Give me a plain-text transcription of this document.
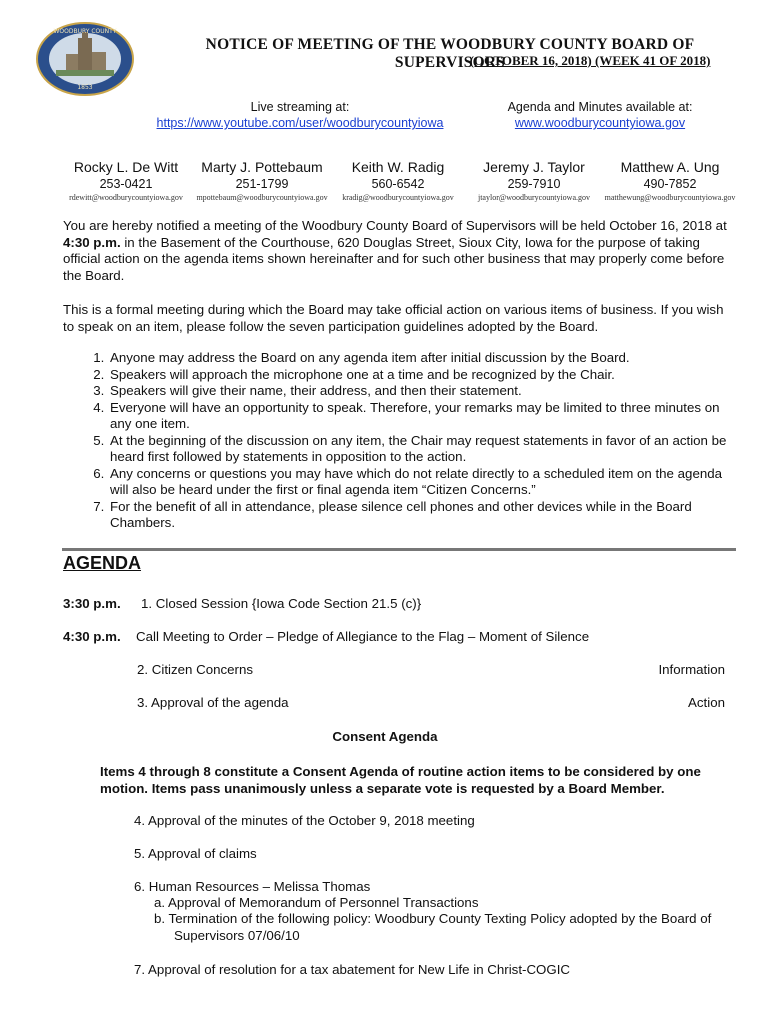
WOODBURY COUNTY
1853
NOTICE OF MEETING OF THE WOODBURY COUNTY BOARD OF SUPERVISORS
(OCTOBER 16, 2018) (WEEK 41 OF 2018)
Live streaming at:
https://www.youtube.com/user/woodburycountyiowa
Agenda and Minutes available at:
www.woodburycountyiowa.gov
Rocky L. De Witt
253-0421
rdewitt@woodburycountyiowa.gov
Marty J. Pottebaum
251-1799
mpottebaum@woodburycountyiowa.gov
Keith W. Radig
560-6542
kradig@woodburycountyiowa.gov
Jeremy J. Taylor
259-7910
jtaylor@woodburycountyiowa.gov
Matthew A. Ung
490-7852
matthewung@woodburycountyiowa.gov
You are hereby notified a meeting of the Woodbury County Board of Supervisors will be held October 16, 2018 at 4:30 p.m. in the Basement of the Courthouse, 620 Douglas Street, Sioux City, Iowa for the purpose of taking official action on the agenda items shown hereinafter and for such other business that may properly come before the Board.
This is a formal meeting during which the Board may take official action on various items of business. If you wish to speak on an item, please follow the seven participation guidelines adopted by the Board.
1. Anyone may address the Board on any agenda item after initial discussion by the Board.
2. Speakers will approach the microphone one at a time and be recognized by the Chair.
3. Speakers will give their name, their address, and then their statement.
4. Everyone will have an opportunity to speak. Therefore, your remarks may be limited to three minutes on any one item.
5. At the beginning of the discussion on any item, the Chair may request statements in favor of an action be heard first followed by statements in opposition to the action.
6. Any concerns or questions you may have which do not relate directly to a scheduled item on the agenda will also be heard under the first or final agenda item “Citizen Concerns.”
7. For the benefit of all in attendance, please silence cell phones and other devices while in the Board Chambers.
AGENDA
3:30 p.m. 1. Closed Session {Iowa Code Section 21.5 (c)}
4:30 p.m. Call Meeting to Order – Pledge of Allegiance to the Flag – Moment of Silence
2. Citizen Concerns	Information
3. Approval of the agenda	Action
Consent Agenda
Items 4 through 8 constitute a Consent Agenda of routine action items to be considered by one motion. Items pass unanimously unless a separate vote is requested by a Board Member.
4. Approval of the minutes of the October 9, 2018 meeting
5. Approval of claims
6. Human Resources – Melissa Thomas
a. Approval of Memorandum of Personnel Transactions
b. Termination of the following policy: Woodbury County Texting Policy adopted by the Board of Supervisors 07/06/10
7. Approval of resolution for a tax abatement for New Life in Christ-COGIC
